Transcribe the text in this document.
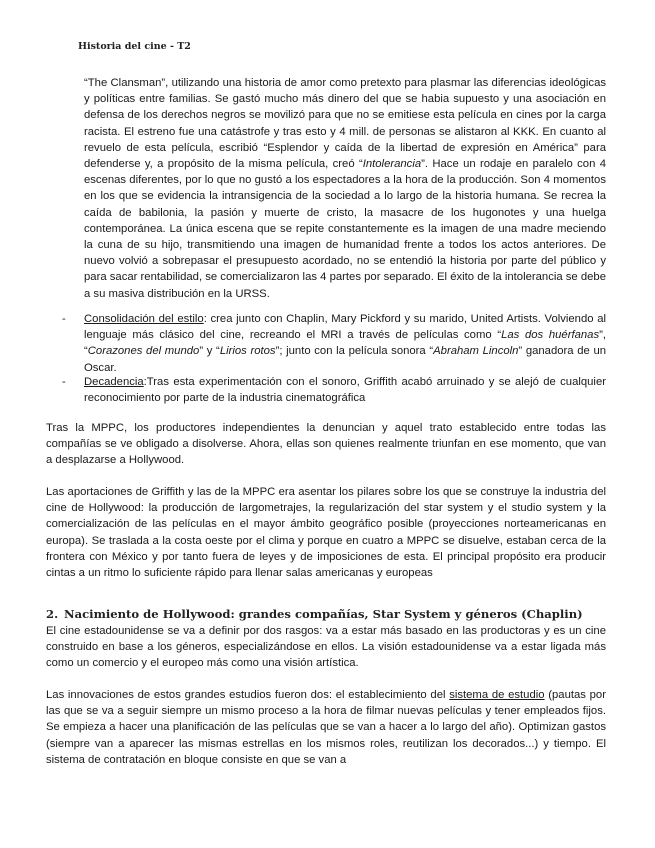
Historia del cine - T2
“The Clansman”, utilizando una historia de amor como pretexto para plasmar las diferencias ideológicas y políticas entre familias. Se gastó mucho más dinero del que se habia supuesto y una asociación en defensa de los derechos negros se movilizó para que no se emitiese esta película en cines por la carga racista. El estreno fue una catástrofe y tras esto y 4 mill. de personas se alistaron al KKK. En cuanto al revuelo de esta película, escribió “Esplendor y caída de la libertad de expresión en América” para defenderse y, a propósito de la misma película, creó “Intolerancia”. Hace un rodaje en paralelo con 4 escenas diferentes, por lo que no gustó a los espectadores a la hora de la producción. Son 4 momentos en los que se evidencia la intransigencia de la sociedad a lo largo de la historia humana. Se recrea la caída de babilonia, la pasión y muerte de cristo, la masacre de los hugonotes y una huelga contemporánea. La única escena que se repite constantemente es la imagen de una madre meciendo la cuna de su hijo, transmitiendo una imagen de humanidad frente a todos los actos anteriores. De nuevo volvió a sobrepasar el presupuesto acordado, no se entendió la historia por parte del público y para sacar rentabilidad, se comercializaron las 4 partes por separado. El éxito de la intolerancia se debe a su masiva distribución en la URSS.
- Consolidación del estilo: crea junto con Chaplin, Mary Pickford y su marido, United Artists. Volviendo al lenguaje más clásico del cine, recreando el MRI a través de películas como “Las dos huérfanas”, “Corazones del mundo” y “Lirios rotos”; junto con la película sonora “Abraham Lincoln” ganadora de un Oscar.
- Decadencia:Tras esta experimentación con el sonoro, Griffith acabó arruinado y se alejó de cualquier reconocimiento por parte de la industria cinematográfica
Tras la MPPC, los productores independientes la denuncian y aquel trato establecido entre todas las compañías se ve obligado a disolverse. Ahora, ellas son quienes realmente triunfan en ese momento, que van a desplazarse a Hollywood.
Las aportaciones de Griffith y las de la MPPC era asentar los pilares sobre los que se construye la industria del cine de Hollywood: la producción de largometrajes, la regularización del star system y el studio system y la comercialización de las películas en el mayor ámbito geográfico posible (proyecciones norteamericanas en europa). Se traslada a la costa oeste por el clima y porque en cuatro a MPPC se disuelve, estaban cerca de la frontera con México y por tanto fuera de leyes y de imposiciones de esta. El principal propósito era producir cintas a un ritmo lo suficiente rápido para llenar salas americanas y europeas
2. Nacimiento de Hollywood: grandes compañías, Star System y géneros (Chaplin)
El cine estadounidense se va a definir por dos rasgos: va a estar más basado en las productoras y es un cine construido en base a los géneros, especializándose en ellos. La visión estadounidense va a estar ligada más como un comercio y el europeo más como una visión artística.
Las innovaciones de estos grandes estudios fueron dos: el establecimiento del sistema de estudio (pautas por las que se va a seguir siempre un mismo proceso a la hora de filmar nuevas películas y tener empleados fijos. Se empieza a hacer una planificación de las películas que se van a hacer a lo largo del año). Optimizan gastos (siempre van a aparecer las mismas estrellas en los mismos roles, reutilizan los decorados...) y tiempo. El sistema de contratación en bloque consiste en que se van a
